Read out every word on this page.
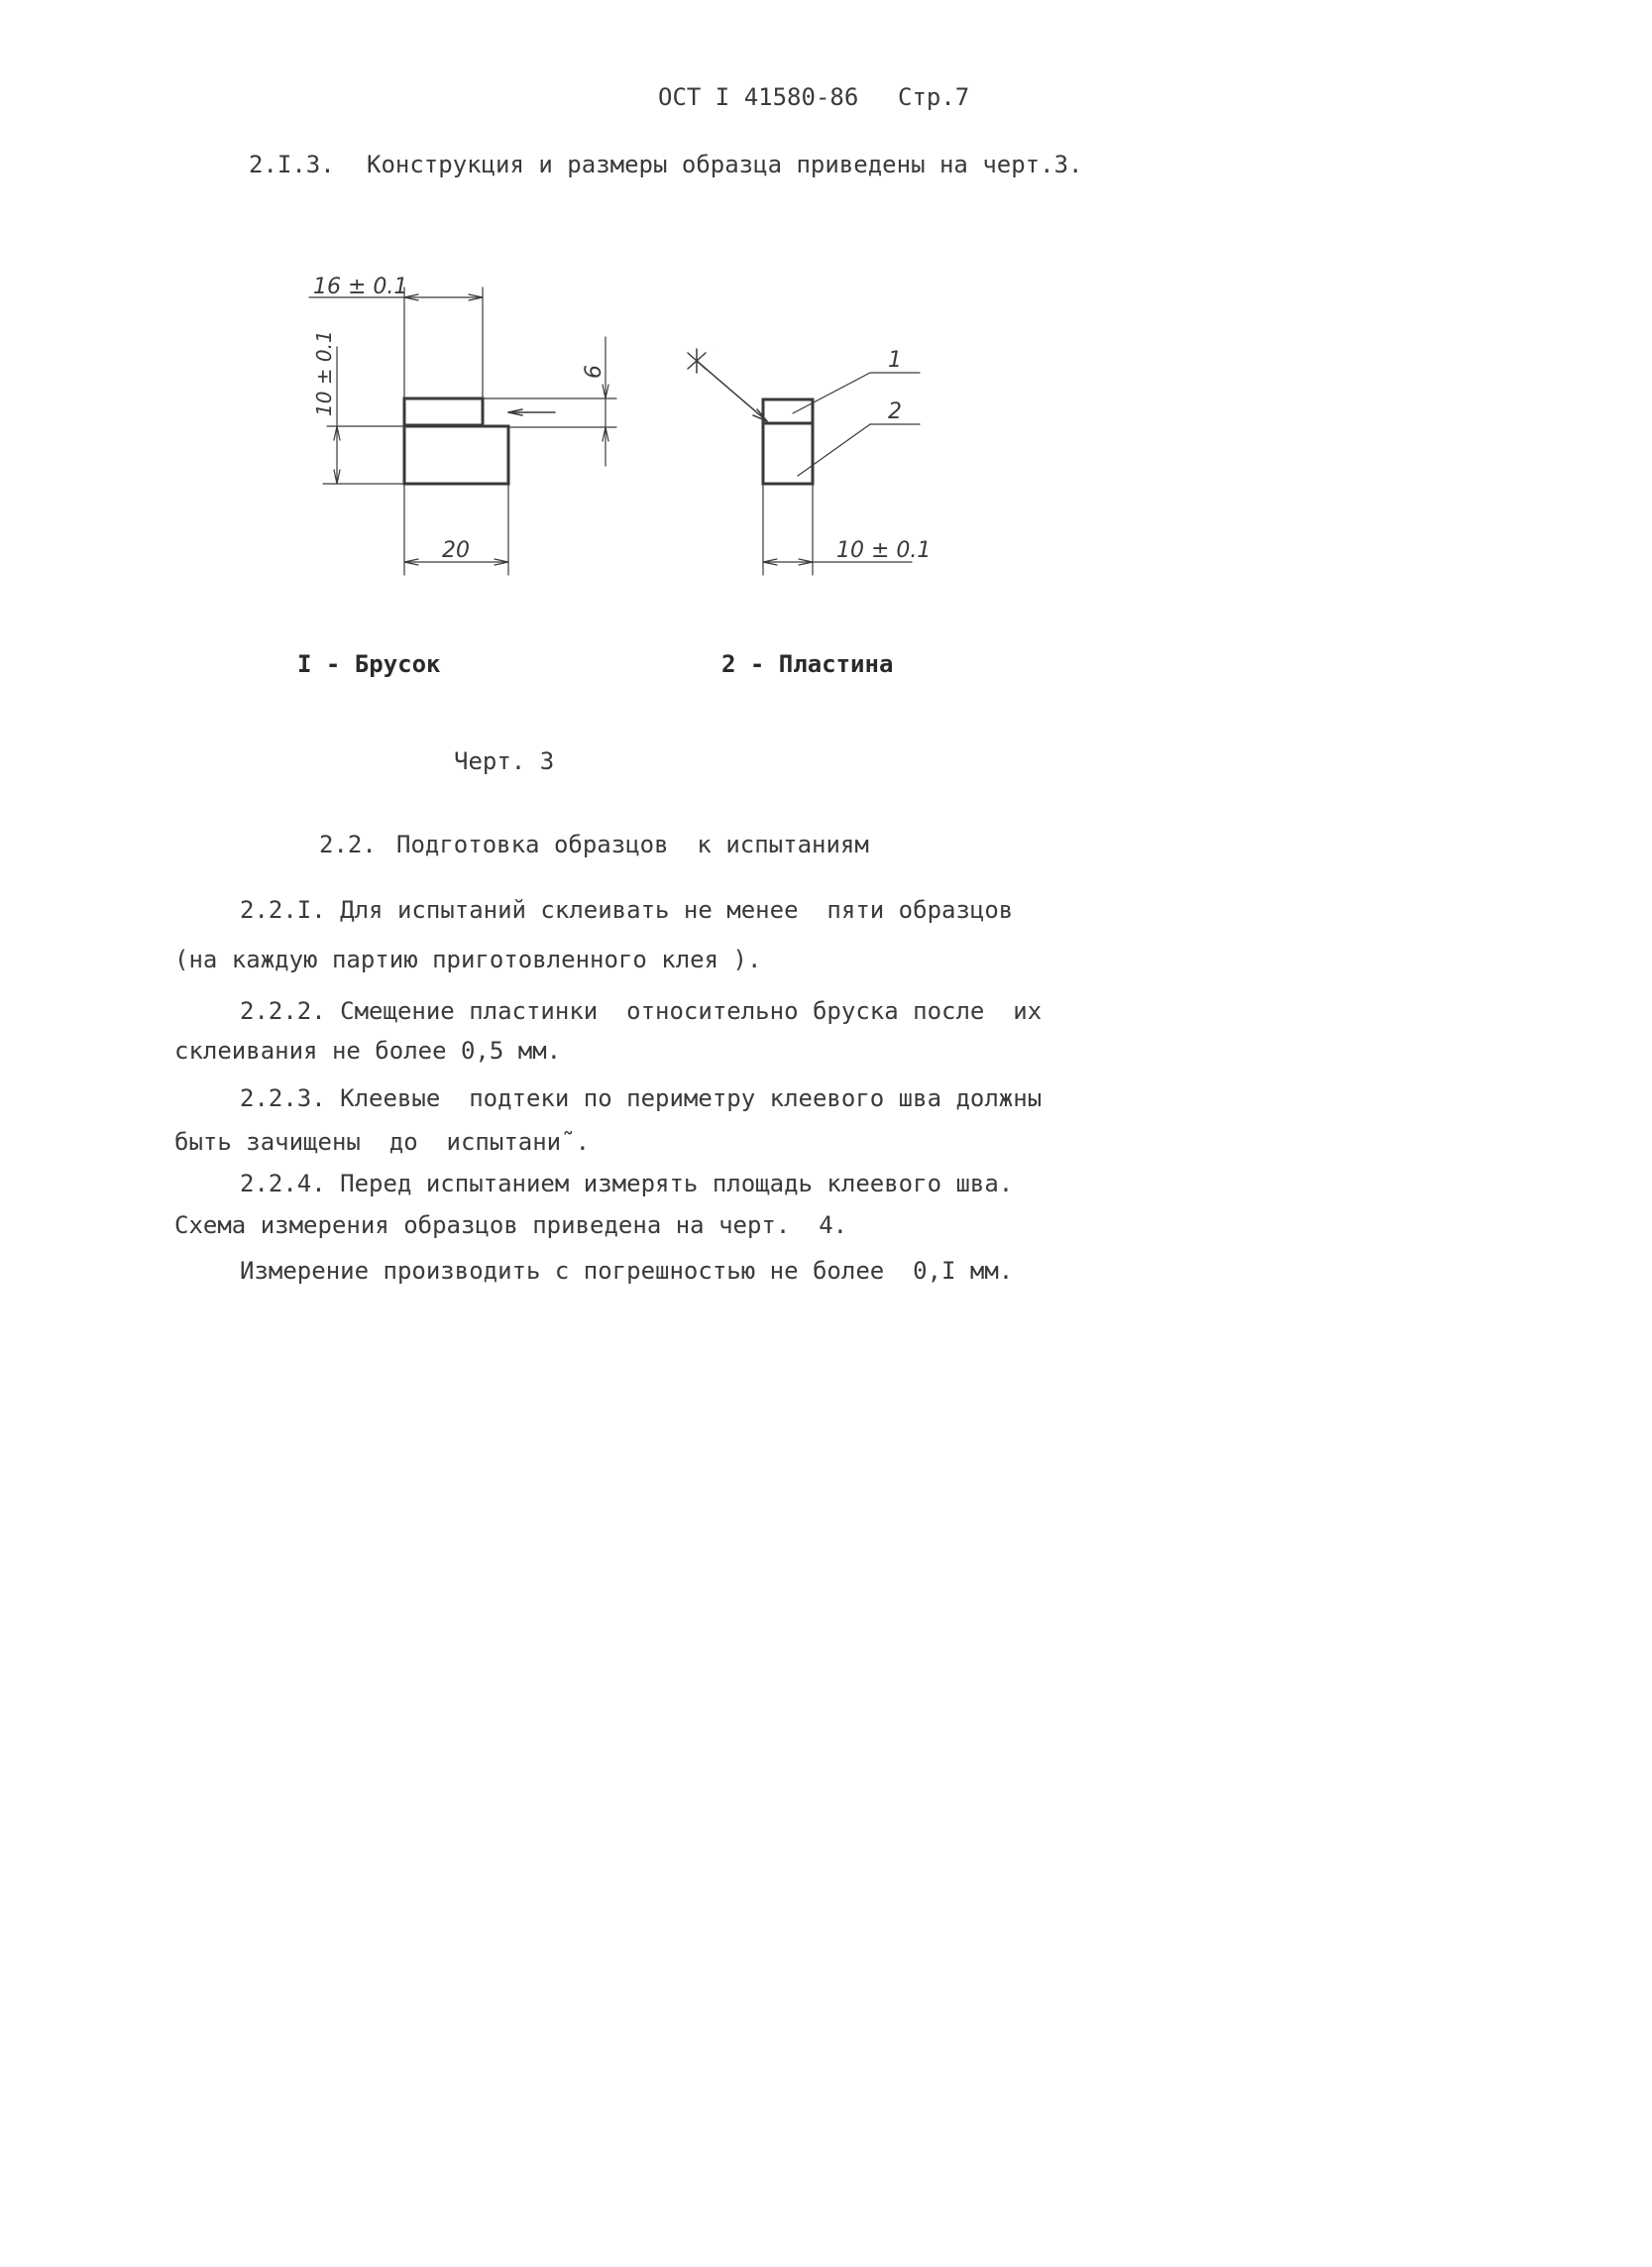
ОСТ I 41580-86 Стр.7
2.I.3. Конструкция и размеры образца приведены на черт.3.
16 ± 0.1
10 ± 0.1	6
20
1
2
10 ± 0.1
*
I - Брусок	2 - Пластина
Черт. 3
2.2. Подготовка образцов  к испытаниям
2.2.I. Для испытаний склеивать не менее  пяти образцов
(на каждую партию приготовленного клея ).
2.2.2. Смещение пластинки  относительно бруска после  их
склеивания не более 0,5 мм.
2.2.3. Клеевые  подтеки по периметру клеевого шва должны
быть зачищены  до  испытани˜.
2.2.4. Перед испытанием измерять площадь клеевого шва.
Схема измерения образцов приведена на черт.  4.
Измерение производить с погрешностью не более  0,I мм.
